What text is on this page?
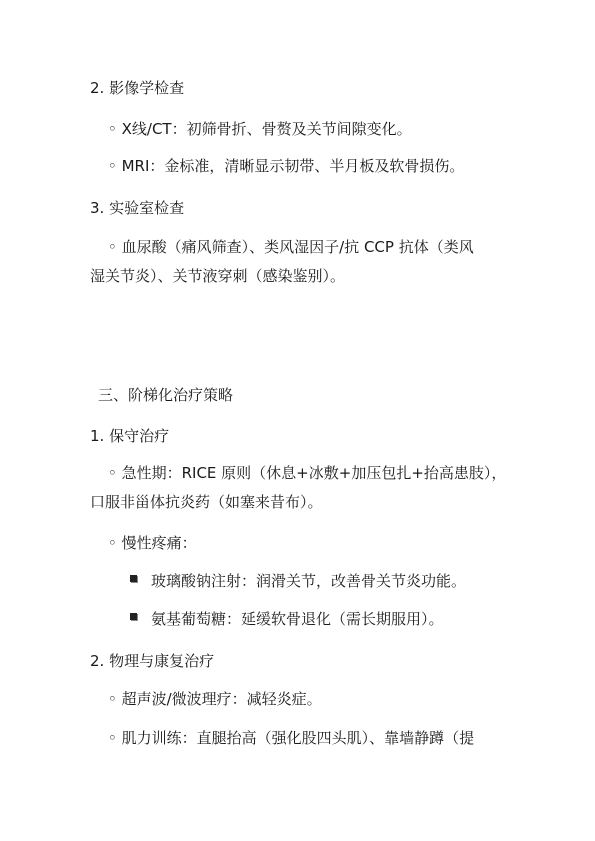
2. 影像学检查
◦ X线/CT：初筛骨折、骨赘及关节间隙变化。
◦ MRI：金标准，清晰显示韧带、半月板及软骨损伤。
3. 实验室检查
◦ 血尿酸（痛风筛查）、类风湿因子/抗 CCP 抗体（类风
湿关节炎）、关节液穿刺（感染鉴别）。
三、阶梯化治疗策略
1. 保守治疗
◦ 急性期：RICE 原则（休息+冰敷+加压包扎+抬高患肢），
口服非甾体抗炎药（如塞来昔布）。
◦ 慢性疼痛：
玻璃酸钠注射：润滑关节，改善骨关节炎功能。
氨基葡萄糖：延缓软骨退化（需长期服用）。
2. 物理与康复治疗
◦ 超声波/微波理疗：减轻炎症。
◦ 肌力训练：直腿抬高（强化股四头肌）、靠墙静蹲（提
